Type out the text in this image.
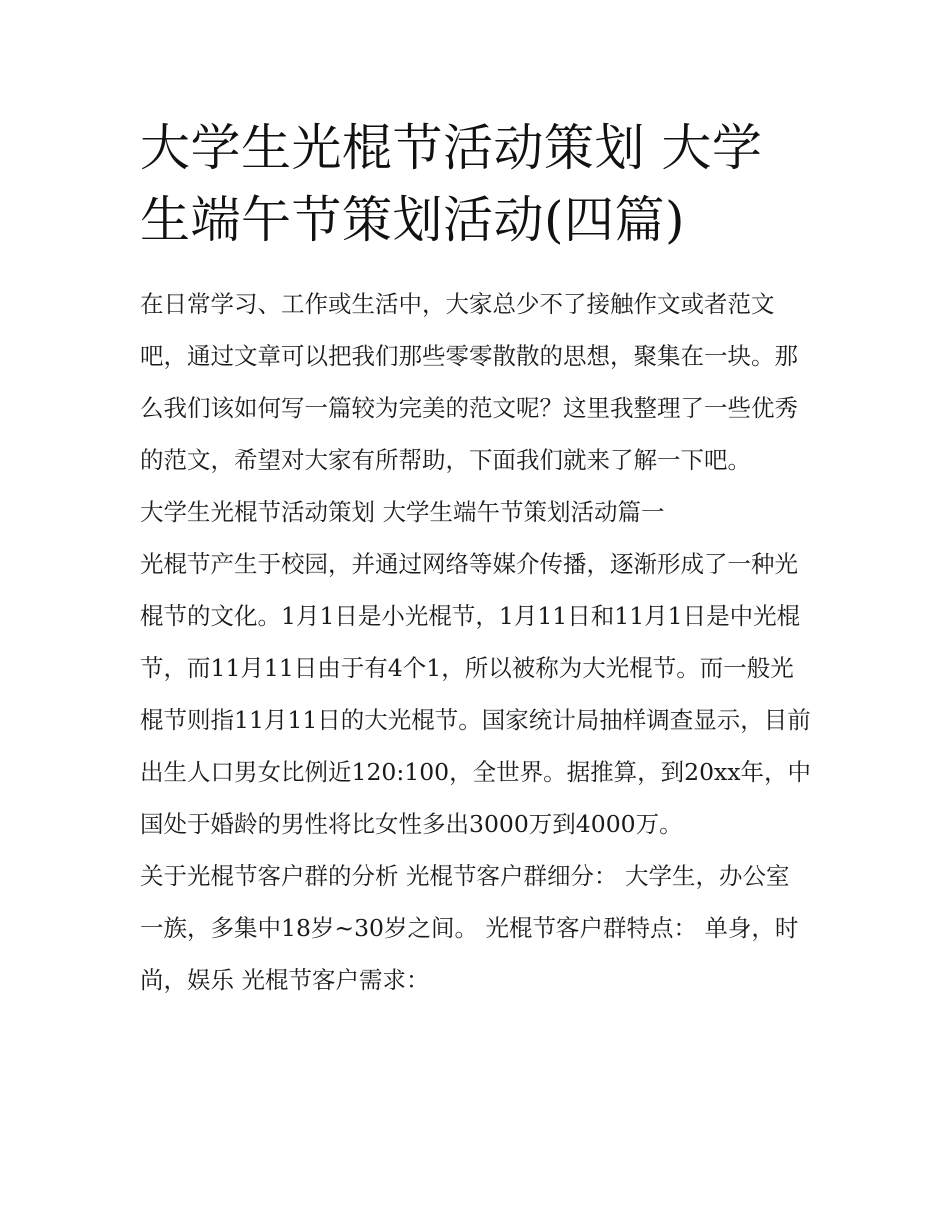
大学生光棍节活动策划 大学生端午节策划活动(四篇)

在日常学习、工作或生活中，大家总少不了接触作文或者范文吧，通过文章可以把我们那些零零散散的思想，聚集在一块。那么我们该如何写一篇较为完美的范文呢？这里我整理了一些优秀的范文，希望对大家有所帮助，下面我们就来了解一下吧。

大学生光棍节活动策划 大学生端午节策划活动篇一

光棍节产生于校园，并通过网络等媒介传播，逐渐形成了一种光棍节的文化。1月1日是小光棍节，1月11日和11月1日是中光棍节，而11月11日由于有4个1，所以被称为大光棍节。而一般光棍节则指11月11日的大光棍节。国家统计局抽样调查显示，目前出生人口男女比例近120:100，全世界。据推算，到20xx年，中国处于婚龄的男性将比女性多出3000万到4000万。

关于光棍节客户群的分析 光棍节客户群细分： 大学生，办公室一族，多集中18岁~30岁之间。 光棍节客户群特点： 单身，时尚，娱乐 光棍节客户需求：
